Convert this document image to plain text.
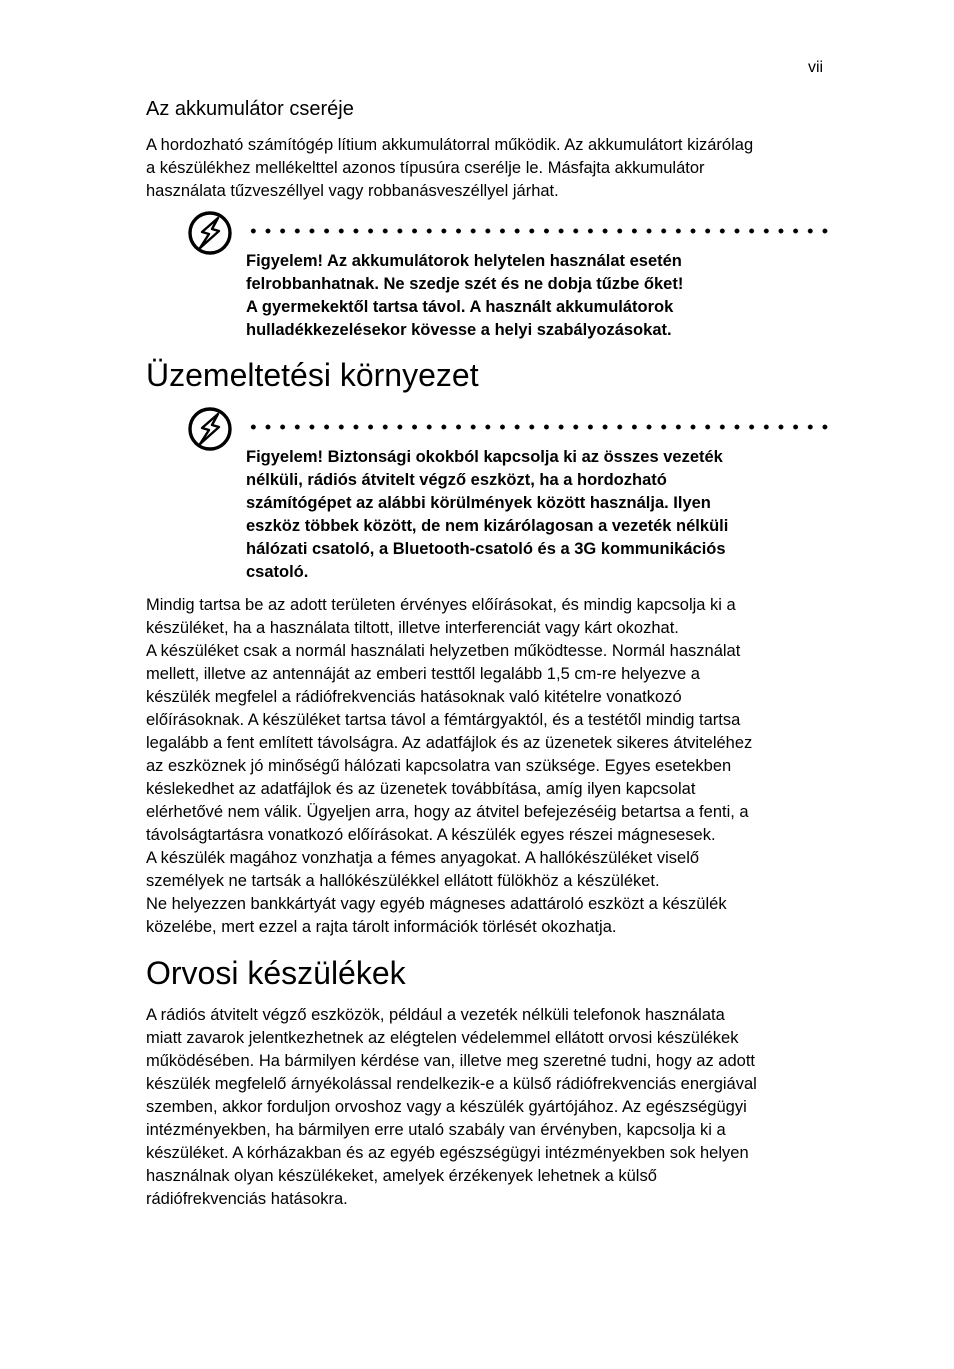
vii
Az akkumulátor cseréje
A hordozható számítógép lítium akkumulátorral működik. Az akkumulátort kizárólag
a készülékhez mellékelttel azonos típusúra cserélje le. Másfajta akkumulátor
használata tűzveszéllyel vagy robbanásveszéllyel járhat.
Figyelem! Az akkumulátorok helytelen használat esetén
felrobbanhatnak. Ne szedje szét és ne dobja tűzbe őket!
A gyermekektől tartsa távol. A használt akkumulátorok
hulladékkezelésekor kövesse a helyi szabályozásokat.
Üzemeltetési környezet
Figyelem! Biztonsági okokból kapcsolja ki az összes vezeték
nélküli, rádiós átvitelt végző eszközt, ha a hordozható
számítógépet az alábbi körülmények között használja. Ilyen
eszköz többek között, de nem kizárólagosan a vezeték nélküli
hálózati csatoló, a Bluetooth-csatoló és a 3G kommunikációs
csatoló.
Mindig tartsa be az adott területen érvényes előírásokat, és mindig kapcsolja ki a
készüléket, ha a használata tiltott, illetve interferenciát vagy kárt okozhat.
A készüléket csak a normál használati helyzetben működtesse. Normál használat
mellett, illetve az antennáját az emberi testtől legalább 1,5 cm-re helyezve a
készülék megfelel a rádiófrekvenciás hatásoknak való kitételre vonatkozó
előírásoknak. A készüléket tartsa távol a fémtárgyaktól, és a testétől mindig tartsa
legalább a fent említett távolságra. Az adatfájlok és az üzenetek sikeres átviteléhez
az eszköznek jó minőségű hálózati kapcsolatra van szüksége. Egyes esetekben
késlekedhet az adatfájlok és az üzenetek továbbítása, amíg ilyen kapcsolat
elérhetővé nem válik. Ügyeljen arra, hogy az átvitel befejezéséig betartsa a fenti, a
távolságtartásra vonatkozó előírásokat. A készülék egyes részei mágnesesek.
A készülék magához vonzhatja a fémes anyagokat. A hallókészüléket viselő
személyek ne tartsák a hallókészülékkel ellátott fülökhöz a készüléket.
Ne helyezzen bankkártyát vagy egyéb mágneses adattároló eszközt a készülék
közelébe, mert ezzel a rajta tárolt információk törlését okozhatja.
Orvosi készülékek
A rádiós átvitelt végző eszközök, például a vezeték nélküli telefonok használata
miatt zavarok jelentkezhetnek az elégtelen védelemmel ellátott orvosi készülékek
működésében. Ha bármilyen kérdése van, illetve meg szeretné tudni, hogy az adott
készülék megfelelő árnyékolással rendelkezik-e a külső rádiófrekvenciás energiával
szemben, akkor forduljon orvoshoz vagy a készülék gyártójához. Az egészségügyi
intézményekben, ha bármilyen erre utaló szabály van érvényben, kapcsolja ki a
készüléket. A kórházakban és az egyéb egészségügyi intézményekben sok helyen
használnak olyan készülékeket, amelyek érzékenyek lehetnek a külső
rádiófrekvenciás hatásokra.
